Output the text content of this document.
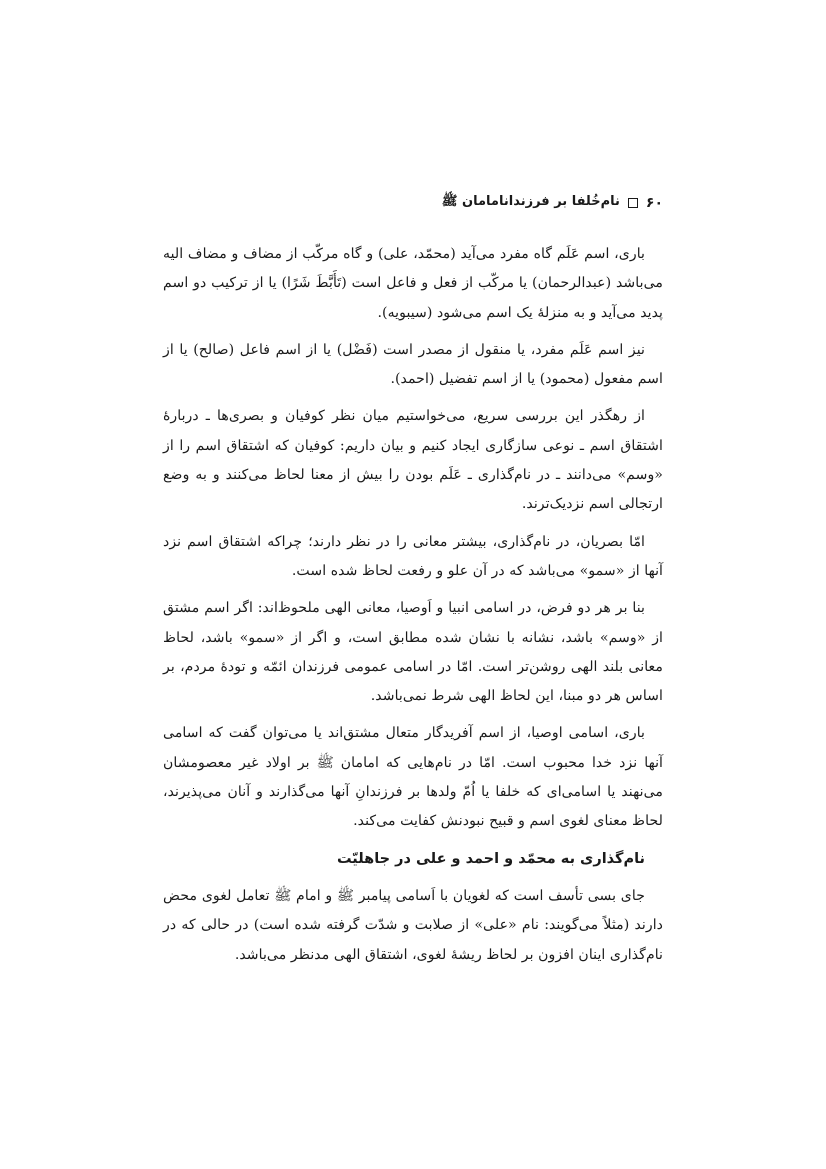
۶۰
نام‌خُلفا بر فرزندانامامان ﷺ

باری، اسم عَلَم گاه مفرد می‌آید (محمّد، علی) و گاه مرکّب از مضاف و مضاف الیه می‌باشد (عبدالرحمان) یا مرکّب از فعل و فاعل است (تَأَبَّطَ شَرًا) یا از ترکیب دو اسم پدید می‌آید و به منزلهٔ یک اسم می‌شود (سیبویه).

نیز اسم عَلَم مفرد، یا منقول از مصدر است (فَضْل) یا از اسم فاعل (صالح) یا از اسم مفعول (محمود) یا از اسم تفضیل (احمد).

از رهگذر این بررسی سریع، می‌خواستیم میان نظر کوفیان و بصری‌ها ـ دربارهٔ اشتقاق اسم ـ نوعی سازگاری ایجاد کنیم و بیان داریم: کوفیان که اشتقاق اسم را از «وسم» می‌دانند ـ در نام‌گذاری ـ عَلَم بودن را بیش از معنا لحاظ می‌کنند و به وضع ارتجالی اسم نزدیک‌ترند.

امّا بصریان، در نام‌گذاری، بیشتر معانی را در نظر دارند؛ چراکه اشتقاق اسم نزد آنها از «سمو» می‌باشد که در آن علو و رفعت لحاظ شده است.

بنا بر هر دو فرض، در اسامی انبیا و اَوصیا، معانی الهی ملحوظ‌اند: اگر اسم مشتق از «وسم» باشد، نشانه با نشان شده مطابق است، و اگر از «سمو» باشد، لحاظ معانی بلند الهی روشن‌تر است. امّا در اسامی عمومی فرزندان ائمّه و تودهٔ مردم، بر اساس هر دو مبنا، این لحاظ الهی شرط نمی‌باشد.

باری، اسامی اوصیا، از اسم آفریدگار متعال مشتق‌اند یا می‌توان گفت که اسامی آنها نزد خدا محبوب است. امّا در نام‌هایی که امامان ﷺ بر اولاد غیر معصومشان می‌نهند یا اسامی‌ای که خلفا یا اُمّ ولدها بر فرزندانِ آنها می‌گذارند و آنان می‌پذیرند، لحاظ معنای لغوی اسم و قبیح نبودنش کفایت می‌کند.

نام‌گذاری به محمّد و احمد و علی در جاهلیّت

جای بسی تأسف است که لغویان با اَسامی پیامبر ﷺ و امام ﷺ تعامل لغوی محض دارند (مثلاً می‌گویند: نام «علی» از صلابت و شدّت گرفته شده است) در حالی که در نام‌گذاری اینان افزون بر لحاظ ریشهٔ لغوی، اشتقاق الهی مدنظر می‌باشد.
